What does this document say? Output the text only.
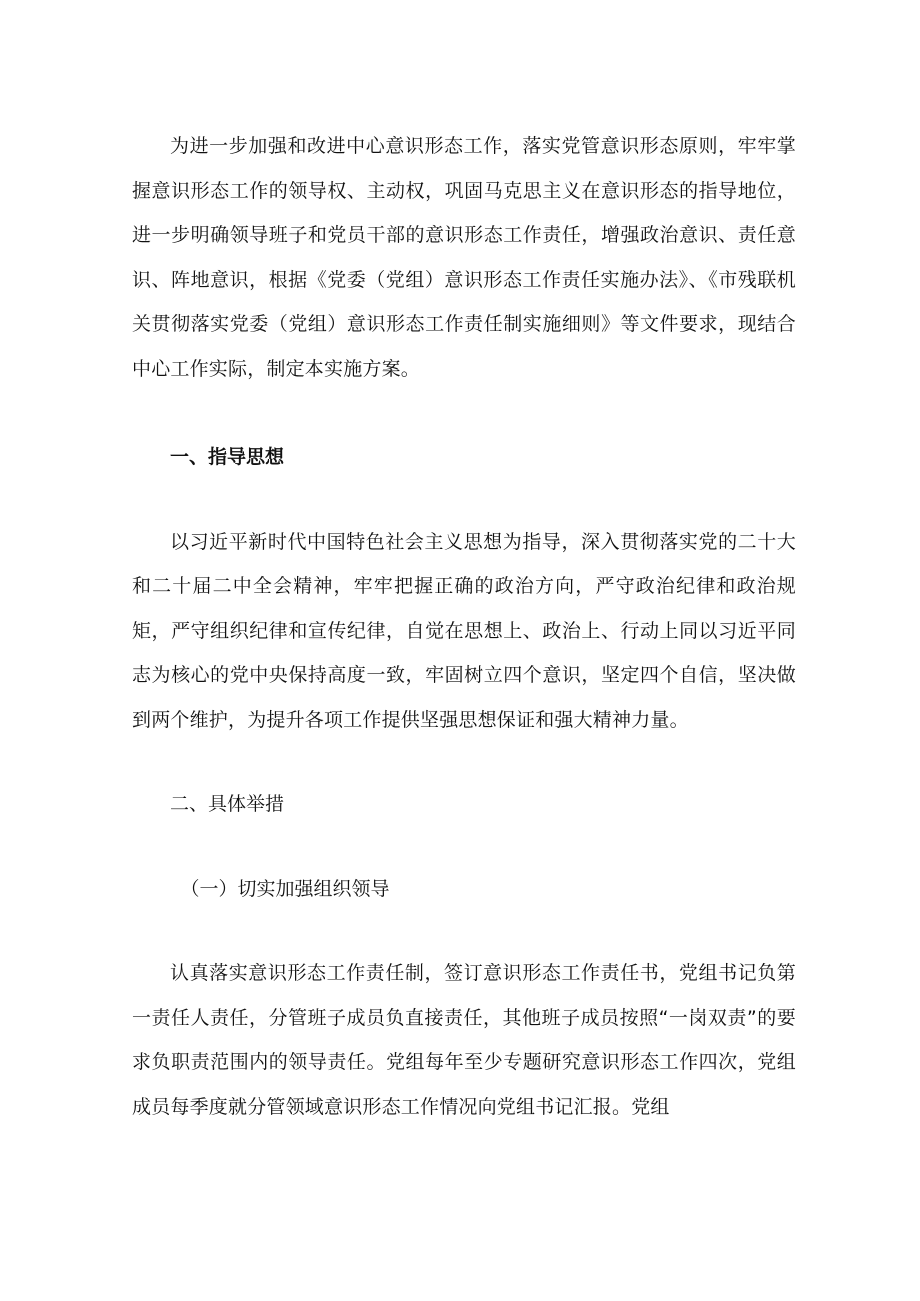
为进一步加强和改进中心意识形态工作，落实党管意识形态原则，牢牢掌握意识形态工作的领导权、主动权，巩固马克思主义在意识形态的指导地位，进一步明确领导班子和党员干部的意识形态工作责任，增强政治意识、责任意识、阵地意识，根据《党委（党组）意识形态工作责任实施办法》、《市残联机关贯彻落实党委（党组）意识形态工作责任制实施细则》等文件要求，现结合中心工作实际，制定本实施方案。

一、指导思想

以习近平新时代中国特色社会主义思想为指导，深入贯彻落实党的二十大和二十届二中全会精神，牢牢把握正确的政治方向，严守政治纪律和政治规矩，严守组织纪律和宣传纪律，自觉在思想上、政治上、行动上同以习近平同志为核心的党中央保持高度一致，牢固树立四个意识，坚定四个自信，坚决做到两个维护，为提升各项工作提供坚强思想保证和强大精神力量。

二、具体举措

（一）切实加强组织领导

认真落实意识形态工作责任制，签订意识形态工作责任书，党组书记负第一责任人责任，分管班子成员负直接责任，其他班子成员按照“一岗双责”的要求负职责范围内的领导责任。党组每年至少专题研究意识形态工作四次，党组成员每季度就分管领域意识形态工作情况向党组书记汇报。党组
